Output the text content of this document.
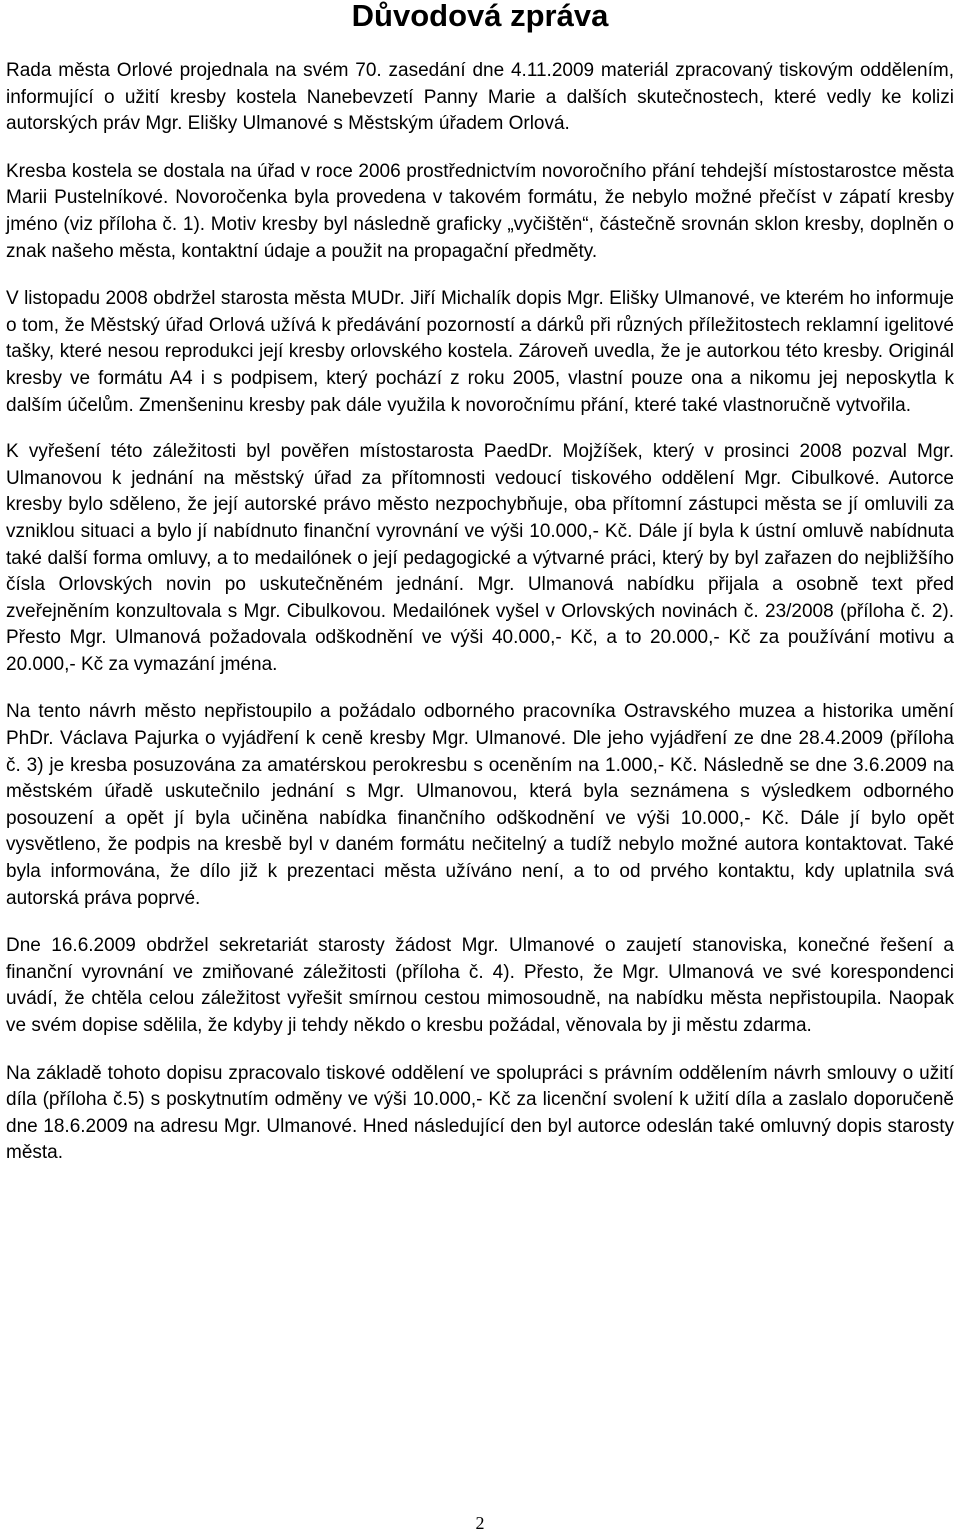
Důvodová zpráva

Rada města Orlové projednala na svém 70. zasedání dne 4.11.2009 materiál zpracovaný tiskovým oddělením, informující o užití kresby kostela Nanebevzetí Panny Marie a dalších skutečnostech, které vedly ke kolizi autorských práv Mgr. Elišky Ulmanové s Městským úřadem Orlová.

Kresba kostela se dostala na úřad v roce 2006 prostřednictvím novoročního přání tehdejší místostarostce města Marii Pustelníkové. Novoročenka byla provedena v takovém formátu, že nebylo možné přečíst v zápatí kresby jméno (viz příloha č. 1). Motiv kresby byl následně graficky „vyčištěn“, částečně srovnán sklon kresby, doplněn o znak našeho města, kontaktní údaje a použit na propagační předměty.

V listopadu 2008 obdržel starosta města MUDr. Jiří Michalík dopis Mgr. Elišky Ulmanové, ve kterém ho informuje o tom, že Městský úřad Orlová užívá k předávání pozorností a dárků při různých příležitostech reklamní igelitové tašky, které nesou reprodukci její kresby orlovského kostela. Zároveň uvedla, že je autorkou této kresby. Originál kresby ve formátu A4 i s podpisem, který pochází z roku 2005, vlastní pouze ona a nikomu jej neposkytla k dalším účelům. Zmenšeninu kresby pak dále využila k novoročnímu přání, které také vlastnoručně vytvořila.

K vyřešení této záležitosti byl pověřen místostarosta PaedDr. Mojžíšek, který v prosinci 2008 pozval Mgr. Ulmanovou k jednání na městský úřad za přítomnosti vedoucí tiskového oddělení Mgr. Cibulkové. Autorce kresby bylo sděleno, že její autorské právo město nezpochybňuje, oba přítomní zástupci města se jí omluvili za vzniklou situaci a bylo jí nabídnuto finanční vyrovnání ve výši 10.000,- Kč. Dále jí byla k ústní omluvě nabídnuta také další forma omluvy, a to medailónek o její pedagogické a výtvarné práci, který by byl zařazen do nejbližšího čísla Orlovských novin po uskutečněném jednání. Mgr. Ulmanová nabídku přijala a osobně text před zveřejněním konzultovala s Mgr. Cibulkovou. Medailónek vyšel v Orlovských novinách č. 23/2008 (příloha č. 2). Přesto Mgr. Ulmanová požadovala odškodnění ve výši 40.000,- Kč, a to 20.000,- Kč za používání motivu a 20.000,- Kč za vymazání jména.

Na tento návrh město nepřistoupilo a požádalo odborného pracovníka Ostravského muzea a historika umění PhDr. Václava Pajurka o vyjádření k ceně kresby Mgr. Ulmanové. Dle jeho vyjádření ze dne 28.4.2009 (příloha č. 3) je kresba posuzována za amatérskou perokresbu s oceněním na 1.000,- Kč. Následně se dne 3.6.2009 na městském úřadě uskutečnilo jednání s Mgr. Ulmanovou, která byla seznámena s výsledkem odborného posouzení a opět jí byla učiněna nabídka finančního odškodnění ve výši 10.000,- Kč. Dále jí bylo opět vysvětleno, že podpis na kresbě byl v daném formátu nečitelný a tudíž nebylo možné autora kontaktovat. Také byla informována, že dílo již k prezentaci města užíváno není, a to od prvého kontaktu, kdy uplatnila svá autorská práva poprvé.

Dne 16.6.2009 obdržel sekretariát starosty žádost Mgr. Ulmanové o zaujetí stanoviska, konečné řešení a finanční vyrovnání ve zmiňované záležitosti (příloha č. 4). Přesto, že Mgr. Ulmanová ve své korespondenci uvádí, že chtěla celou záležitost vyřešit smírnou cestou mimosoudně, na nabídku města nepřistoupila. Naopak ve svém dopise sdělila, že kdyby ji tehdy někdo o kresbu požádal, věnovala by ji městu zdarma.

Na základě tohoto dopisu zpracovalo tiskové oddělení ve spolupráci s právním oddělením návrh smlouvy o užití díla (příloha č.5) s poskytnutím odměny ve výši 10.000,- Kč za licenční svolení k užití díla a zaslalo doporučeně dne 18.6.2009 na adresu Mgr. Ulmanové. Hned následující den byl autorce odeslán také omluvný dopis starosty města.

2
